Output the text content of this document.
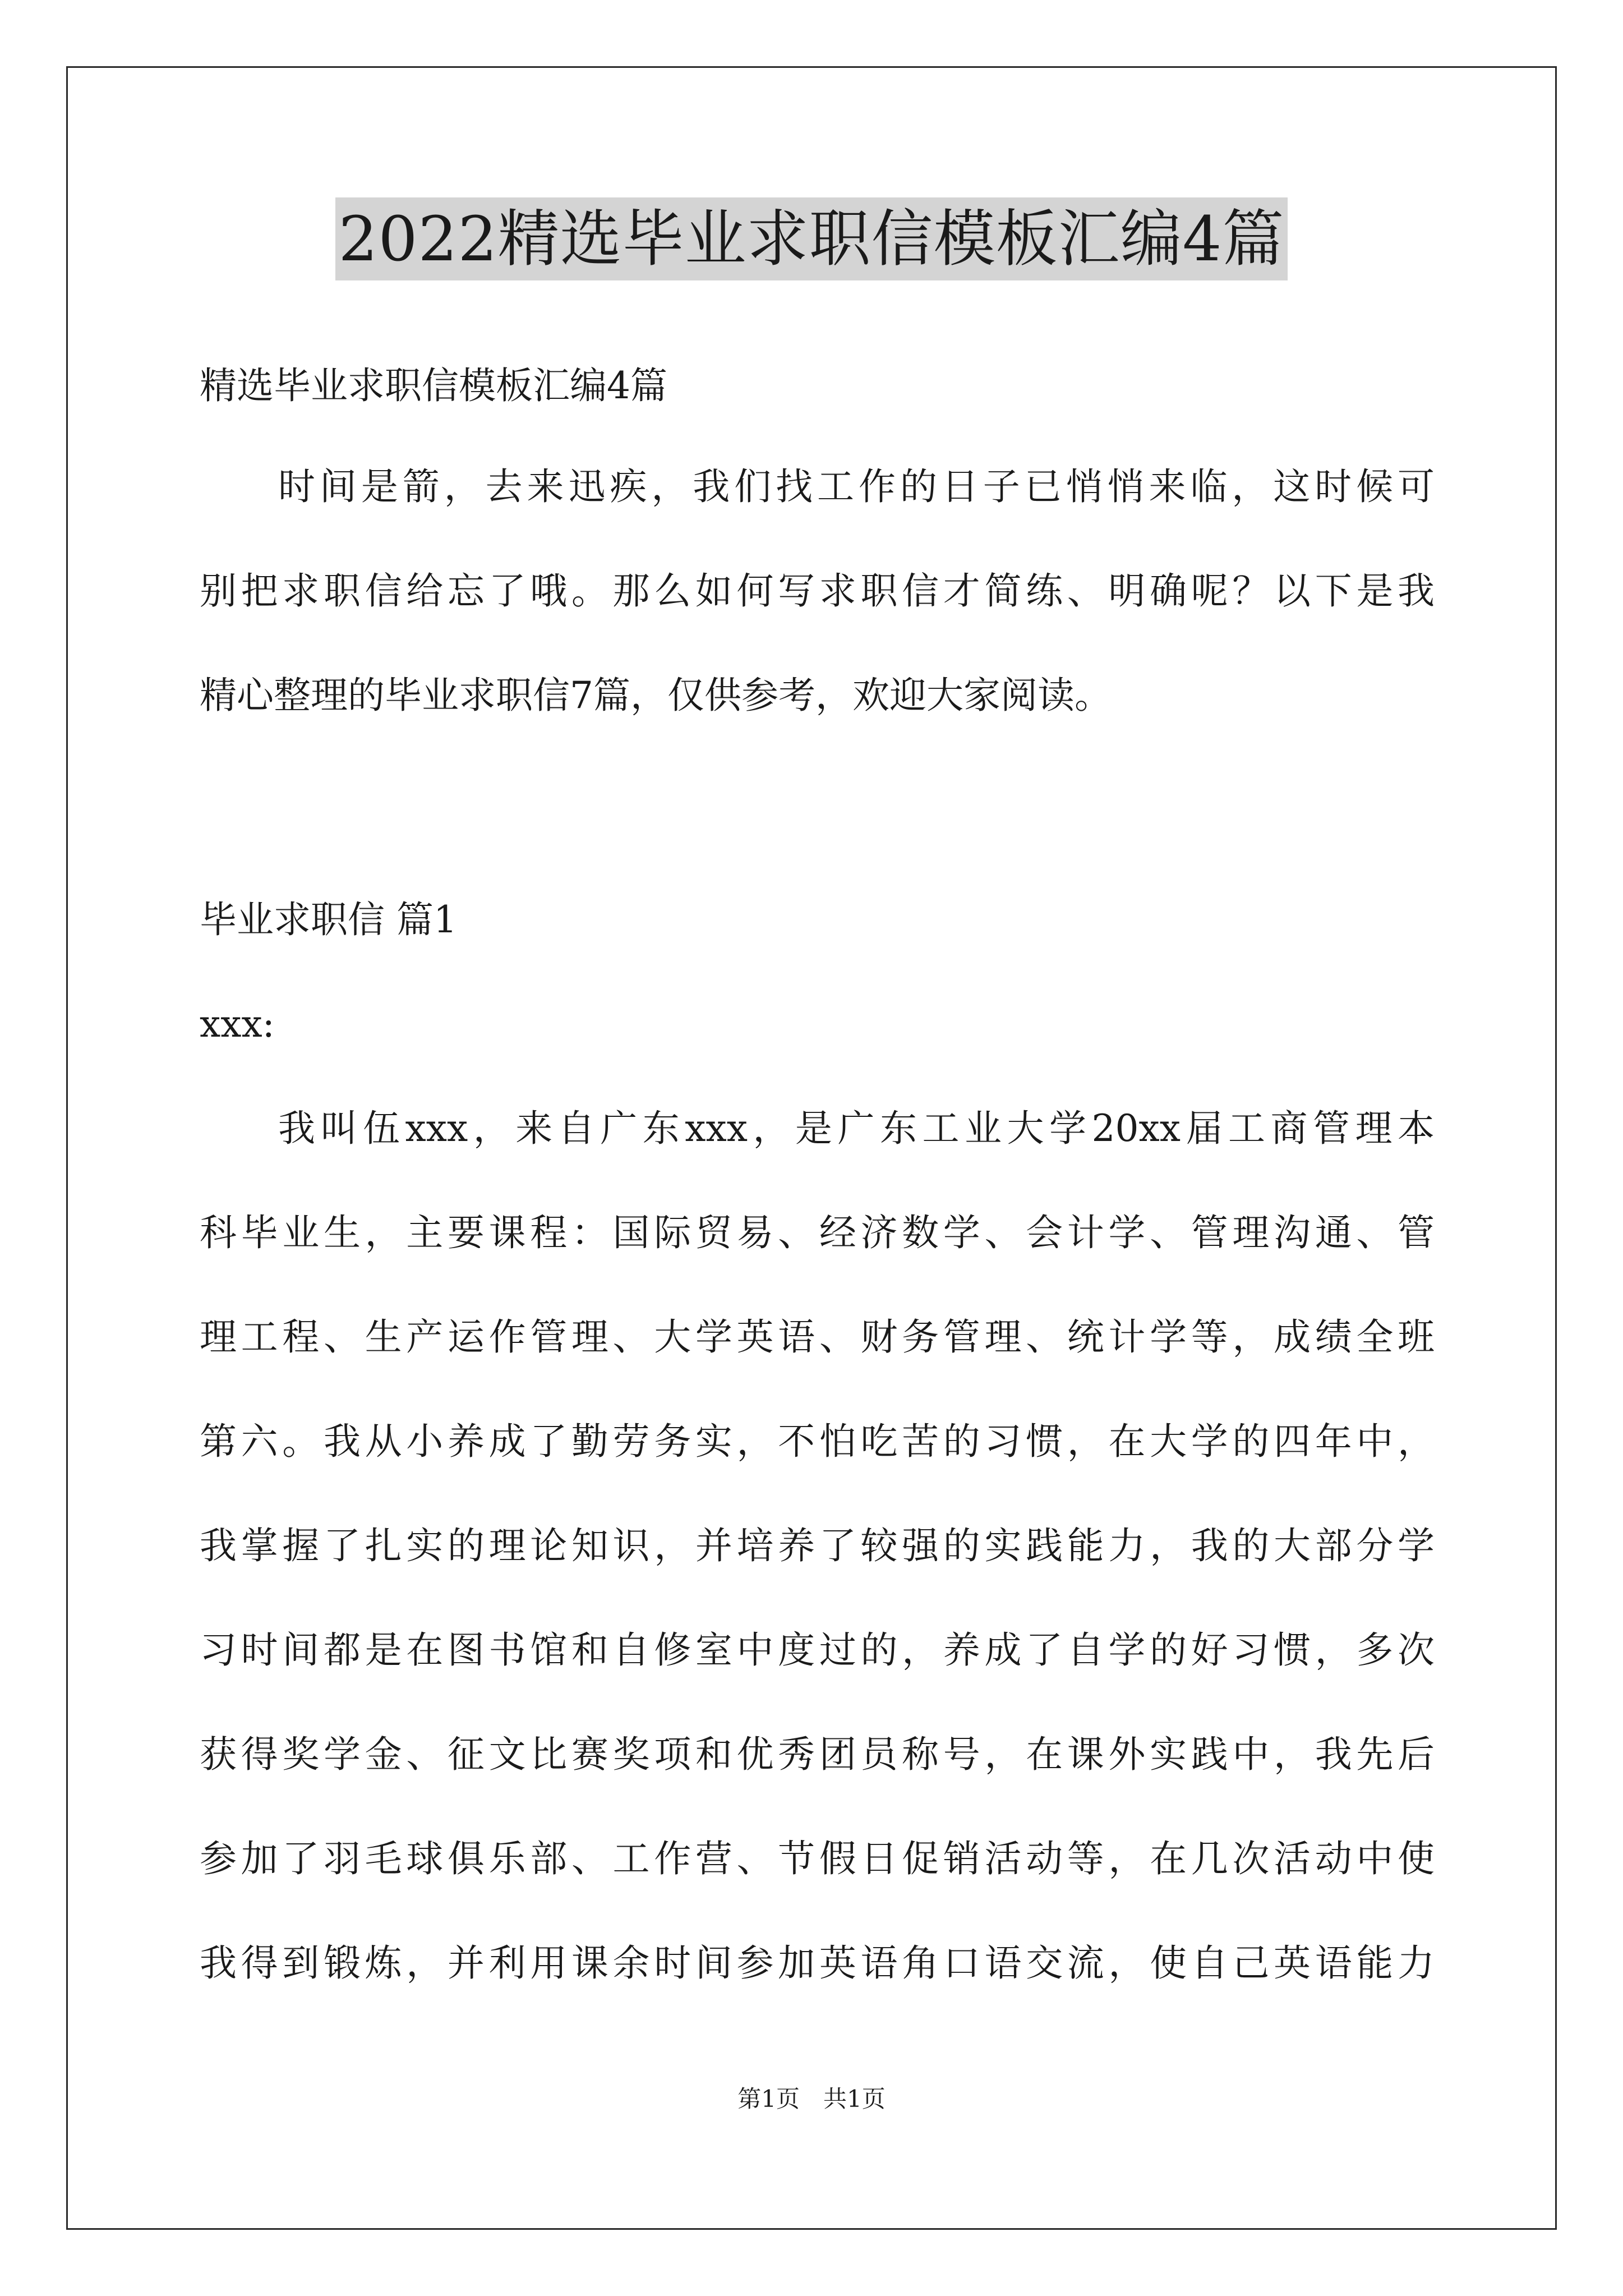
2022精选毕业求职信模板汇编4篇
精选毕业求职信模板汇编4篇
时间是箭，去来迅疾，我们找工作的日子已悄悄来临，这时候可
别把求职信给忘了哦。那么如何写求职信才简练、明确呢？以下是我
精心整理的毕业求职信7篇，仅供参考，欢迎大家阅读。
毕业求职信 篇1
xxx:
我叫伍xxx，来自广东xxx，是广东工业大学20xx届工商管理本
科毕业生，主要课程：国际贸易、经济数学、会计学、管理沟通、管
理工程、生产运作管理、大学英语、财务管理、统计学等，成绩全班
第六。我从小养成了勤劳务实，不怕吃苦的习惯，在大学的四年中，
我掌握了扎实的理论知识，并培养了较强的实践能力，我的大部分学
习时间都是在图书馆和自修室中度过的，养成了自学的好习惯，多次
获得奖学金、征文比赛奖项和优秀团员称号，在课外实践中，我先后
参加了羽毛球俱乐部、工作营、节假日促销活动等，在几次活动中使
我得到锻炼，并利用课余时间参加英语角口语交流，使自己英语能力
第1页　共1页
